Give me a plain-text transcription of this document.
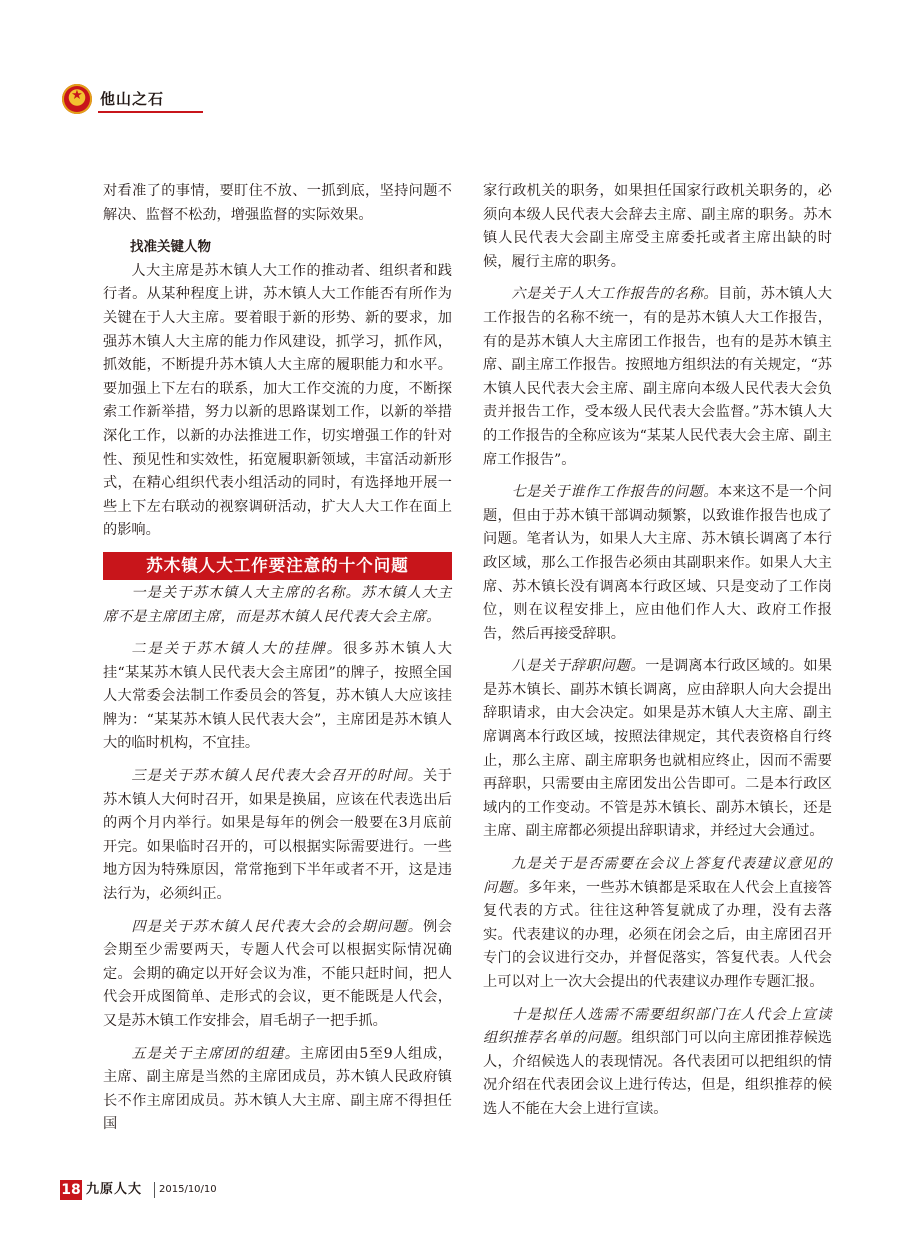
★
他山之石

对看准了的事情，要盯住不放、一抓到底，坚持问题不解决、监督不松劲，增强监督的实际效果。

找准关键人物

人大主席是苏木镇人大工作的推动者、组织者和践行者。从某种程度上讲，苏木镇人大工作能否有所作为关键在于人大主席。要着眼于新的形势、新的要求，加强苏木镇人大主席的能力作风建设，抓学习，抓作风，抓效能，不断提升苏木镇人大主席的履职能力和水平。要加强上下左右的联系，加大工作交流的力度，不断探索工作新举措，努力以新的思路谋划工作，以新的举措深化工作，以新的办法推进工作，切实增强工作的针对性、预见性和实效性，拓宽履职新领域，丰富活动新形式，在精心组织代表小组活动的同时，有选择地开展一些上下左右联动的视察调研活动，扩大人大工作在面上的影响。

苏木镇人大工作要注意的十个问题

一是关于苏木镇人大主席的名称。苏木镇人大主席不是主席团主席，而是苏木镇人民代表大会主席。

二是关于苏木镇人大的挂牌。很多苏木镇人大挂“某某苏木镇人民代表大会主席团”的牌子，按照全国人大常委会法制工作委员会的答复，苏木镇人大应该挂牌为：“某某苏木镇人民代表大会”，主席团是苏木镇人大的临时机构，不宜挂。

三是关于苏木镇人民代表大会召开的时间。关于苏木镇人大何时召开，如果是换届，应该在代表选出后的两个月内举行。如果是每年的例会一般要在3月底前开完。如果临时召开的，可以根据实际需要进行。一些地方因为特殊原因，常常拖到下半年或者不开，这是违法行为，必须纠正。

四是关于苏木镇人民代表大会的会期问题。例会会期至少需要两天，专题人代会可以根据实际情况确定。会期的确定以开好会议为准，不能只赶时间，把人代会开成图简单、走形式的会议，更不能既是人代会，又是苏木镇工作安排会，眉毛胡子一把手抓。

五是关于主席团的组建。主席团由5至9人组成，主席、副主席是当然的主席团成员，苏木镇人民政府镇长不作主席团成员。苏木镇人大主席、副主席不得担任国

家行政机关的职务，如果担任国家行政机关职务的，必须向本级人民代表大会辞去主席、副主席的职务。苏木镇人民代表大会副主席受主席委托或者主席出缺的时候，履行主席的职务。

六是关于人大工作报告的名称。目前，苏木镇人大工作报告的名称不统一，有的是苏木镇人大工作报告，有的是苏木镇人大主席团工作报告，也有的是苏木镇主席、副主席工作报告。按照地方组织法的有关规定，“苏木镇人民代表大会主席、副主席向本级人民代表大会负责并报告工作，受本级人民代表大会监督。”苏木镇人大的工作报告的全称应该为“某某人民代表大会主席、副主席工作报告”。

七是关于谁作工作报告的问题。本来这不是一个问题，但由于苏木镇干部调动频繁，以致谁作报告也成了问题。笔者认为，如果人大主席、苏木镇长调离了本行政区域，那么工作报告必须由其副职来作。如果人大主席、苏木镇长没有调离本行政区域、只是变动了工作岗位，则在议程安排上，应由他们作人大、政府工作报告，然后再接受辞职。

八是关于辞职问题。一是调离本行政区域的。如果是苏木镇长、副苏木镇长调离，应由辞职人向大会提出辞职请求，由大会决定。如果是苏木镇人大主席、副主席调离本行政区域，按照法律规定，其代表资格自行终止，那么主席、副主席职务也就相应终止，因而不需要再辞职，只需要由主席团发出公告即可。二是本行政区域内的工作变动。不管是苏木镇长、副苏木镇长，还是主席、副主席都必须提出辞职请求，并经过大会通过。

九是关于是否需要在会议上答复代表建议意见的问题。多年来，一些苏木镇都是采取在人代会上直接答复代表的方式。往往这种答复就成了办理，没有去落实。代表建议的办理，必须在闭会之后，由主席团召开专门的会议进行交办，并督促落实，答复代表。人代会上可以对上一次大会提出的代表建议办理作专题汇报。

十是拟任人选需不需要组织部门在人代会上宣读组织推荐名单的问题。组织部门可以向主席团推荐候选人，介绍候选人的表现情况。各代表团可以把组织的情况介绍在代表团会议上进行传达，但是，组织推荐的候选人不能在大会上进行宣读。

18 九原人大 2015/10/10
